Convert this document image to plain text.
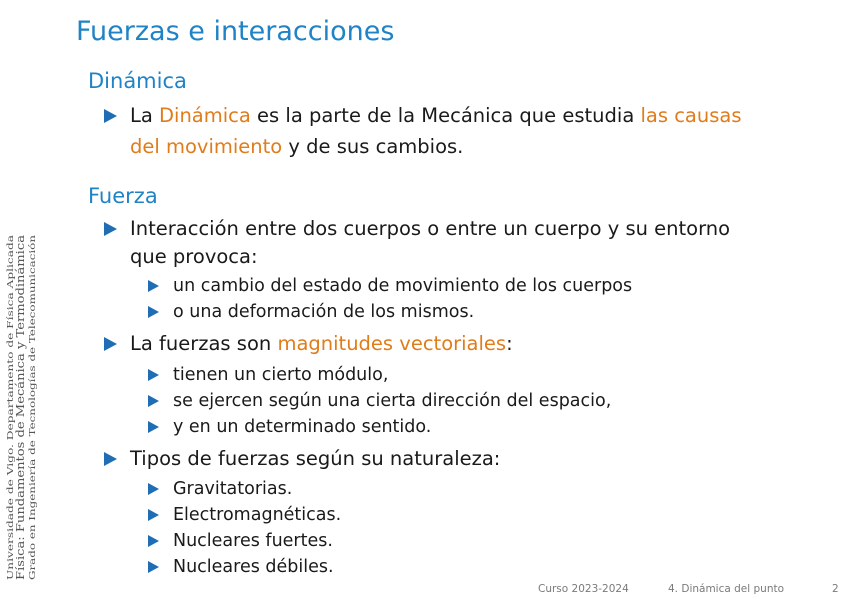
Universidade de Vigo. Departamento de Física Aplicada Física: Fundamentos de Mecánica y Termodinámica Grado en Ingeniería de Tecnologías de Telecomunicación
Fuerzas e interacciones
Dinámica
La Dinámica es la parte de la Mecánica que estudia las causas
del movimiento y de sus cambios.
Fuerza
Interacción entre dos cuerpos o entre un cuerpo y su entorno
que provoca:
un cambio del estado de movimiento de los cuerpos
o una deformación de los mismos.
La fuerzas son magnitudes vectoriales:
tienen un cierto módulo,
se ejercen según una cierta dirección del espacio,
y en un determinado sentido.
Tipos de fuerzas según su naturaleza:
Gravitatorias.
Electromagnéticas.
Nucleares fuertes.
Nucleares débiles.
Curso 2023-2024	4. Dinámica del punto	2
